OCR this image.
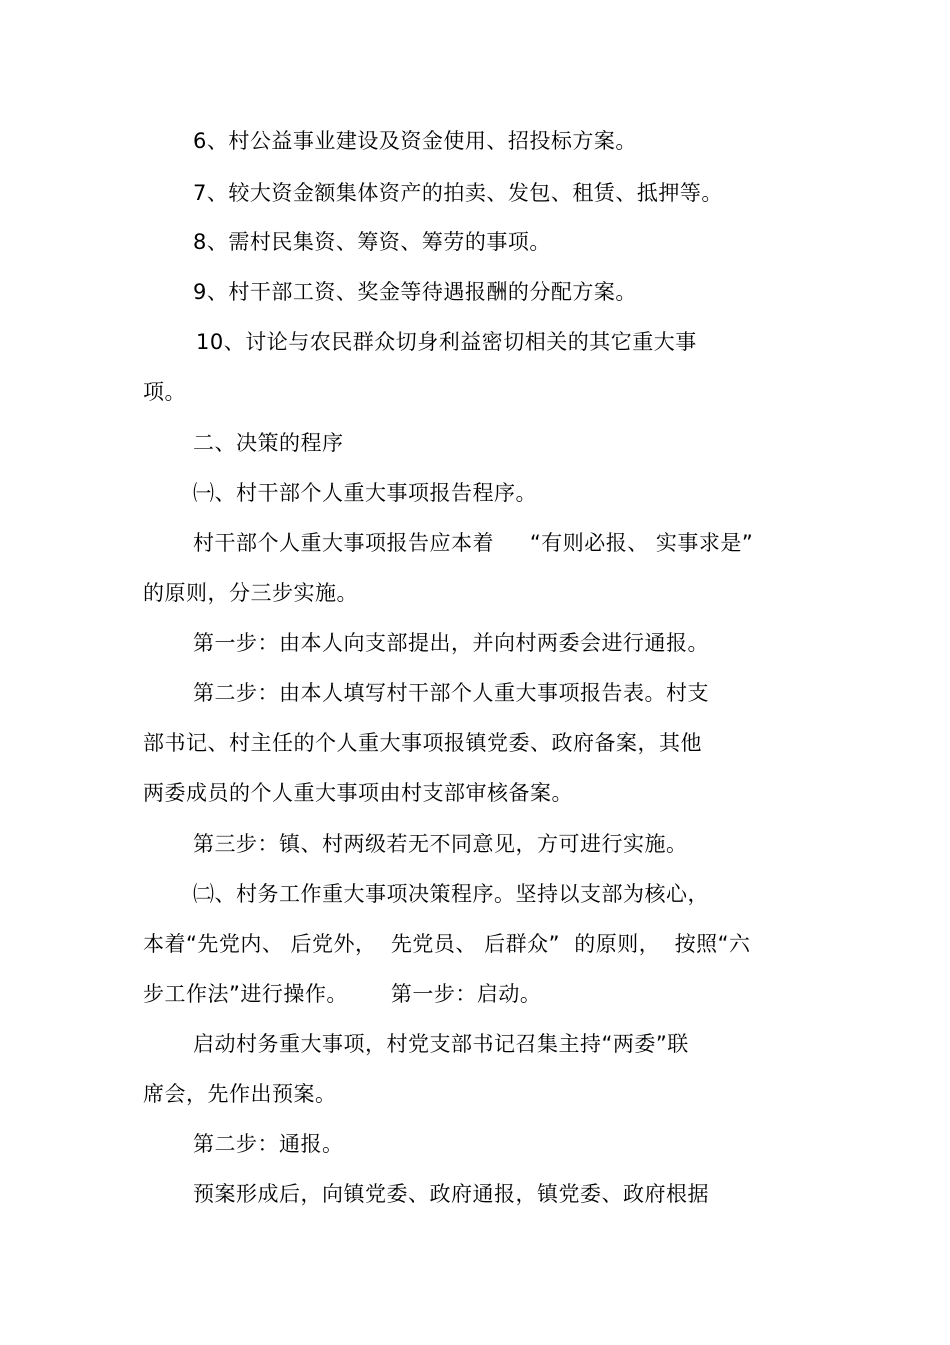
6、村公益事业建设及资金使用、招投标方案。
7、较大资金额集体资产的拍卖、发包、租赁、抵押等。
8、需村民集资、筹资、筹劳的事项。
9、村干部工资、奖金等待遇报酬的分配方案。
10、讨论与农民群众切身利益密切相关的其它重大事
项。
二、决策的程序
㈠、村干部个人重大事项报告程序。
村干部个人重大事项报告应本着     “有则必报、 实事求是”
的原则，分三步实施。
第一步：由本人向支部提出，并向村两委会进行通报。
第二步：由本人填写村干部个人重大事项报告表。村支
部书记、村主任的个人重大事项报镇党委、政府备案，其他
两委成员的个人重大事项由村支部审核备案。
第三步：镇、村两级若无不同意见，方可进行实施。
㈡、村务工作重大事项决策程序。坚持以支部为核心，
本着“先党内、 后党外，  先党员、 后群众”  的原则，  按照“六
步工作法”进行操作。      第一步：启动。
启动村务重大事项，村党支部书记召集主持“两委”联
席会，先作出预案。
第二步：通报。
预案形成后，向镇党委、政府通报，镇党委、政府根据
